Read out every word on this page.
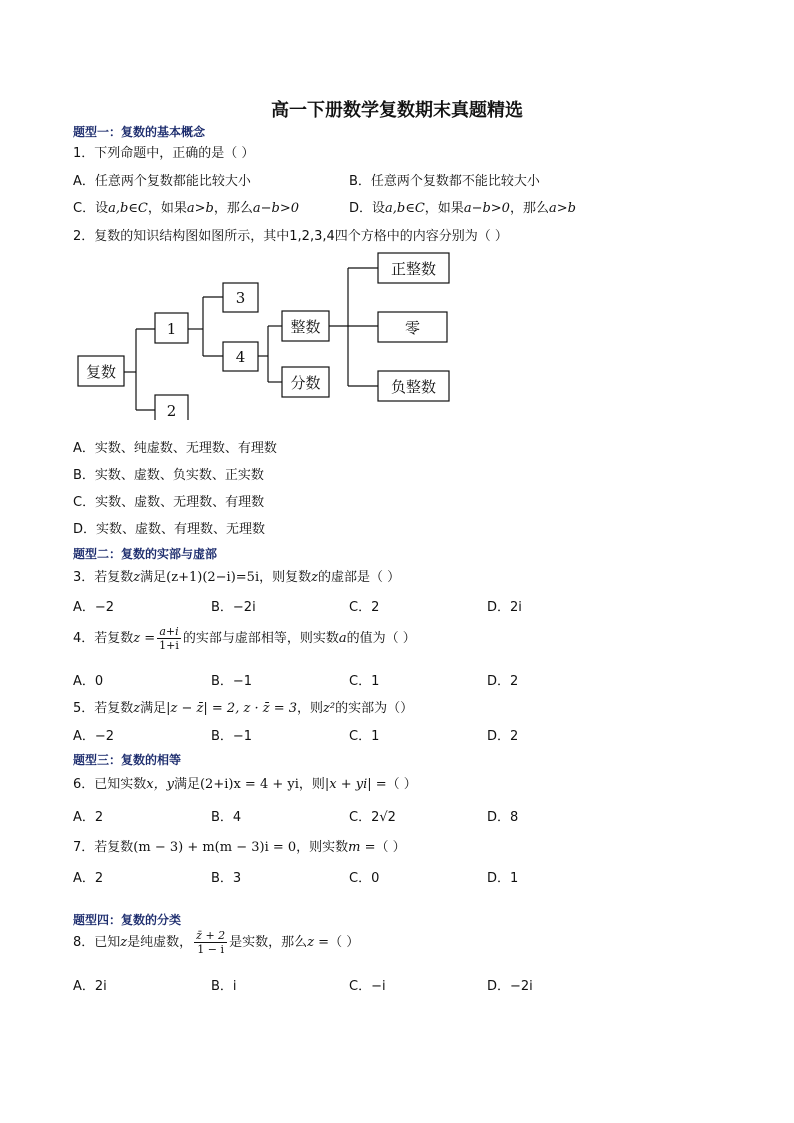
高一下册数学复数期末真题精选
题型一：复数的基本概念
1．下列命题中，正确的是（ ）
A．任意两个复数都能比较大小	B．任意两个复数都不能比较大小
C．设a,b∈C，如果a>b，那么a−b>0	D．设a,b∈C，如果a−b>0，那么a>b
2．复数的知识结构图如图所示，其中1,2,3,4四个方格中的内容分别为（ ）
复数
1
2
3
4
整数
分数
正整数
零
负整数
A．实数、纯虚数、无理数、有理数
B．实数、虚数、负实数、正实数
C．实数、虚数、无理数、有理数
D．实数、虚数、有理数、无理数
题型二：复数的实部与虚部
3．若复数z满足(z+1)(2−i)=5i，则复数z的虚部是（ ）
A．−2	B．−2i	C．2	D．2i
4．若复数$z = \frac{a+i}{1+i}$ 的实部与虚部相等，则实数a的值为（ ）
A．0	B．−1	C．1	D．2
5．若复数z满足|z − z̄| = 2, z · z̄ = 3，则z²的实部为（）
A．−2	B．−1	C．1	D．2
题型三：复数的相等
6．已知实数x，y满足(2+i)x = 4 + yi，则|x + yi| =（ ）
A．2	B．4	C．2√2	D．8
7．若复数(m − 3) + m(m − 3)i = 0，则实数m =（ ）
A．2	B．3	C．0	D．1
题型四：复数的分类
8．已知z是纯虚数， $\frac{z̄ + 2}{1 - i}$ 是实数，那么z =（ ）
A．2i	B．i	C．−i	D．−2i
